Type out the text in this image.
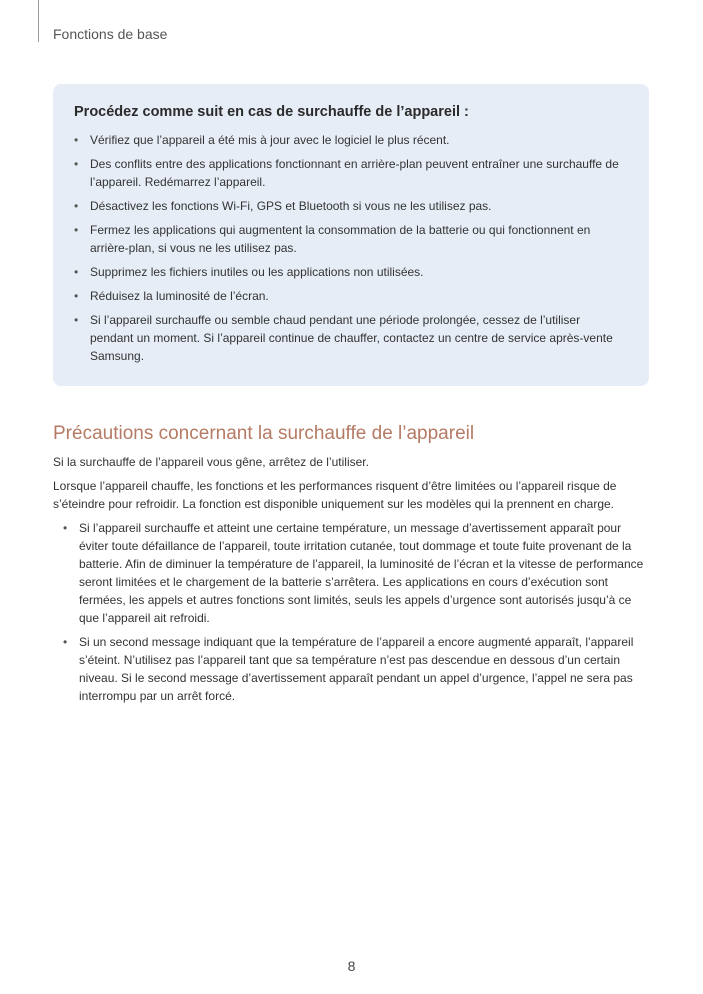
Fonctions de base

Procédez comme suit en cas de surchauffe de l’appareil :

• Vérifiez que l’appareil a été mis à jour avec le logiciel le plus récent.
• Des conflits entre des applications fonctionnant en arrière-plan peuvent entraîner une surchauffe de l’appareil. Redémarrez l’appareil.
• Désactivez les fonctions Wi-Fi, GPS et Bluetooth si vous ne les utilisez pas.
• Fermez les applications qui augmentent la consommation de la batterie ou qui fonctionnent en arrière-plan, si vous ne les utilisez pas.
• Supprimez les fichiers inutiles ou les applications non utilisées.
• Réduisez la luminosité de l’écran.
• Si l’appareil surchauffe ou semble chaud pendant une période prolongée, cessez de l’utiliser pendant un moment. Si l’appareil continue de chauffer, contactez un centre de service après-vente Samsung.
Précautions concernant la surchauffe de l’appareil

Si la surchauffe de l’appareil vous gêne, arrêtez de l’utiliser.

Lorsque l’appareil chauffe, les fonctions et les performances risquent d’être limitées ou l’appareil risque de s’éteindre pour refroidir. La fonction est disponible uniquement sur les modèles qui la prennent en charge.

• Si l’appareil surchauffe et atteint une certaine température, un message d’avertissement apparaît pour éviter toute défaillance de l’appareil, toute irritation cutanée, tout dommage et toute fuite provenant de la batterie. Afin de diminuer la température de l’appareil, la luminosité de l’écran et la vitesse de performance seront limitées et le chargement de la batterie s’arrêtera. Les applications en cours d’exécution sont fermées, les appels et autres fonctions sont limités, seuls les appels d’urgence sont autorisés jusqu’à ce que l’appareil ait refroidi.
• Si un second message indiquant que la température de l’appareil a encore augmenté apparaît, l’appareil s’éteint. N’utilisez pas l’appareil tant que sa température n’est pas descendue en dessous d’un certain niveau. Si le second message d’avertissement apparaît pendant un appel d’urgence, l’appel ne sera pas interrompu par un arrêt forcé.
8
